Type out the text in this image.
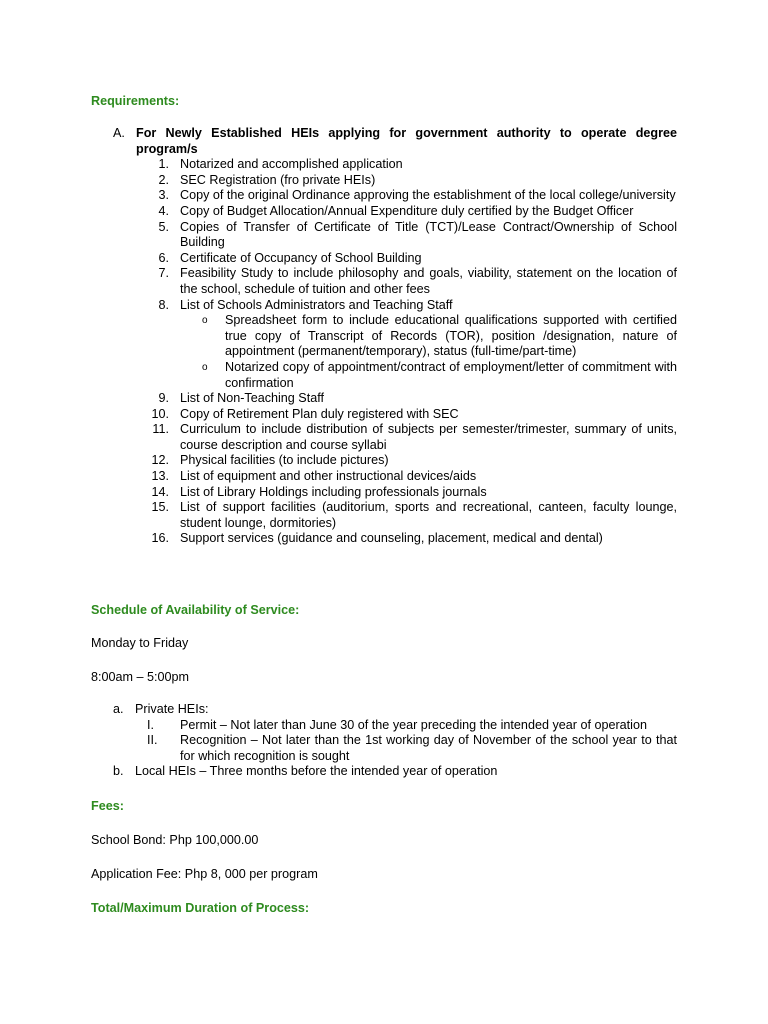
Requirements:
A. For Newly Established HEIs applying for government authority to operate degree program/s
1. Notarized and accomplished application
2. SEC Registration (fro private HEIs)
3. Copy of the original Ordinance approving the establishment of the local college/university
4. Copy of Budget Allocation/Annual Expenditure duly certified by the Budget Officer
5. Copies of Transfer of Certificate of Title (TCT)/Lease Contract/Ownership of School Building
6. Certificate of Occupancy of School Building
7. Feasibility Study to include philosophy and goals, viability, statement on the location of the school, schedule of tuition and other fees
8. List of Schools Administrators and Teaching Staff
o Spreadsheet form to include educational qualifications supported with certified true copy of Transcript of Records (TOR), position /designation, nature of appointment (permanent/temporary), status (full-time/part-time)
o Notarized copy of appointment/contract of employment/letter of commitment with confirmation
9. List of Non-Teaching Staff
10. Copy of Retirement Plan duly registered with SEC
11. Curriculum to include distribution of subjects per semester/trimester, summary of units, course description and course syllabi
12. Physical facilities (to include pictures)
13. List of equipment and other instructional devices/aids
14. List of Library Holdings including professionals journals
15. List of support facilities (auditorium, sports and recreational, canteen, faculty lounge, student lounge, dormitories)
16. Support services (guidance and counseling, placement, medical and dental)
Schedule of Availability of Service:
Monday to Friday
8:00am – 5:00pm
a. Private HEIs:
I. Permit – Not later than June 30 of the year preceding the intended year of operation
II. Recognition – Not later than the 1st working day of November of the school year to that for which recognition is sought
b. Local HEIs – Three months before the intended year of operation
Fees:
School Bond: Php 100,000.00
Application Fee: Php 8, 000 per program
Total/Maximum Duration of Process:
